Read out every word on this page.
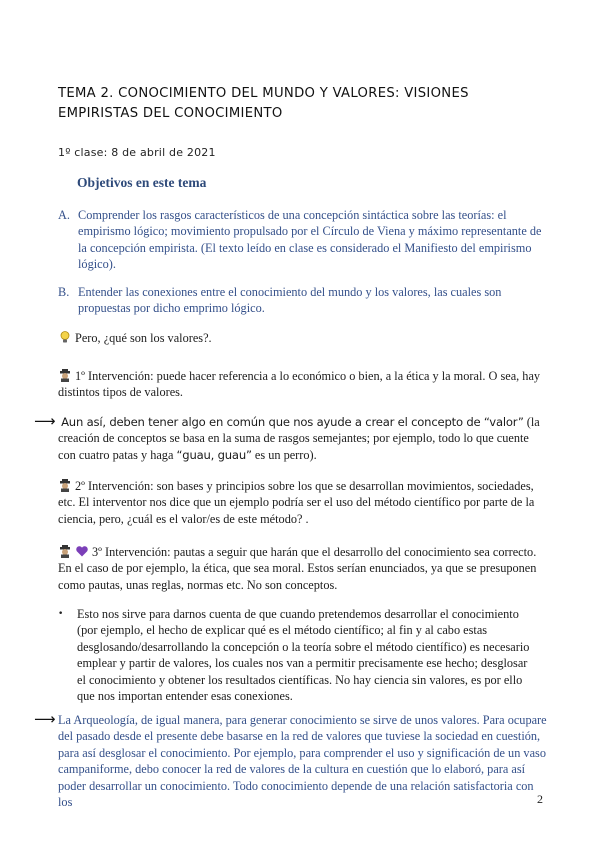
TEMA 2. CONOCIMIENTO DEL MUNDO Y VALORES: VISIONES
EMPIRISTAS DEL CONOCIMIENTO
1º clase: 8 de abril de 2021
Objetivos en este tema
A. Comprender los rasgos característicos de una concepción sintáctica sobre las teorías: el empirismo lógico; movimiento propulsado por el Círculo de Viena y máximo representante de la concepción empirista. (El texto leído en clase es considerado el Manifiesto del empirismo lógico).
B. Entender las conexiones entre el conocimiento del mundo y los valores, las cuales son propuestas por dicho emprimo lógico.
Pero, ¿qué son los valores?.
1º Intervención: puede hacer referencia a lo económico o bien, a la ética y la moral. O sea, hay distintos tipos de valores.
⟶ Aun así, deben tener algo en común que nos ayude a crear el concepto de “valor” (la creación de conceptos se basa en la suma de rasgos semejantes; por ejemplo, todo lo que cuente con cuatro patas y haga “guau, guau” es un perro).
2º Intervención: son bases y principios sobre los que se desarrollan movimientos, sociedades, etc. El interventor nos dice que un ejemplo podría ser el uso del método científico por parte de la ciencia, pero, ¿cuál es el valor/es de este método? .
3º Intervención: pautas a seguir que harán que el desarrollo del conocimiento sea correcto. En el caso de por ejemplo, la ética, que sea moral. Estos serían enunciados, ya que se presuponen como pautas, unas reglas, normas etc. No son conceptos.
• Esto nos sirve para darnos cuenta de que cuando pretendemos desarrollar el conocimiento (por ejemplo, el hecho de explicar qué es el método científico; al fin y al cabo estas desglosando/desarrollando la concepción o la teoría sobre el método científico) es necesario emplear y partir de valores, los cuales nos van a permitir precisamente ese hecho; desglosar el conocimiento y obtener los resultados científicas. No hay ciencia sin valores, es por ello que nos importan entender esas conexiones.
⟶ La Arqueología, de igual manera, para generar conocimiento se sirve de unos valores. Para ocupare del pasado desde el presente debe basarse en la red de valores que tuviese la sociedad en cuestión, para así desglosar el conocimiento. Por ejemplo, para comprender el uso y significación de un vaso campaniforme, debo conocer la red de valores de la cultura en cuestión que lo elaboró, para así poder desarrollar un conocimiento. Todo conocimiento depende de una relación satisfactoria con los	2
